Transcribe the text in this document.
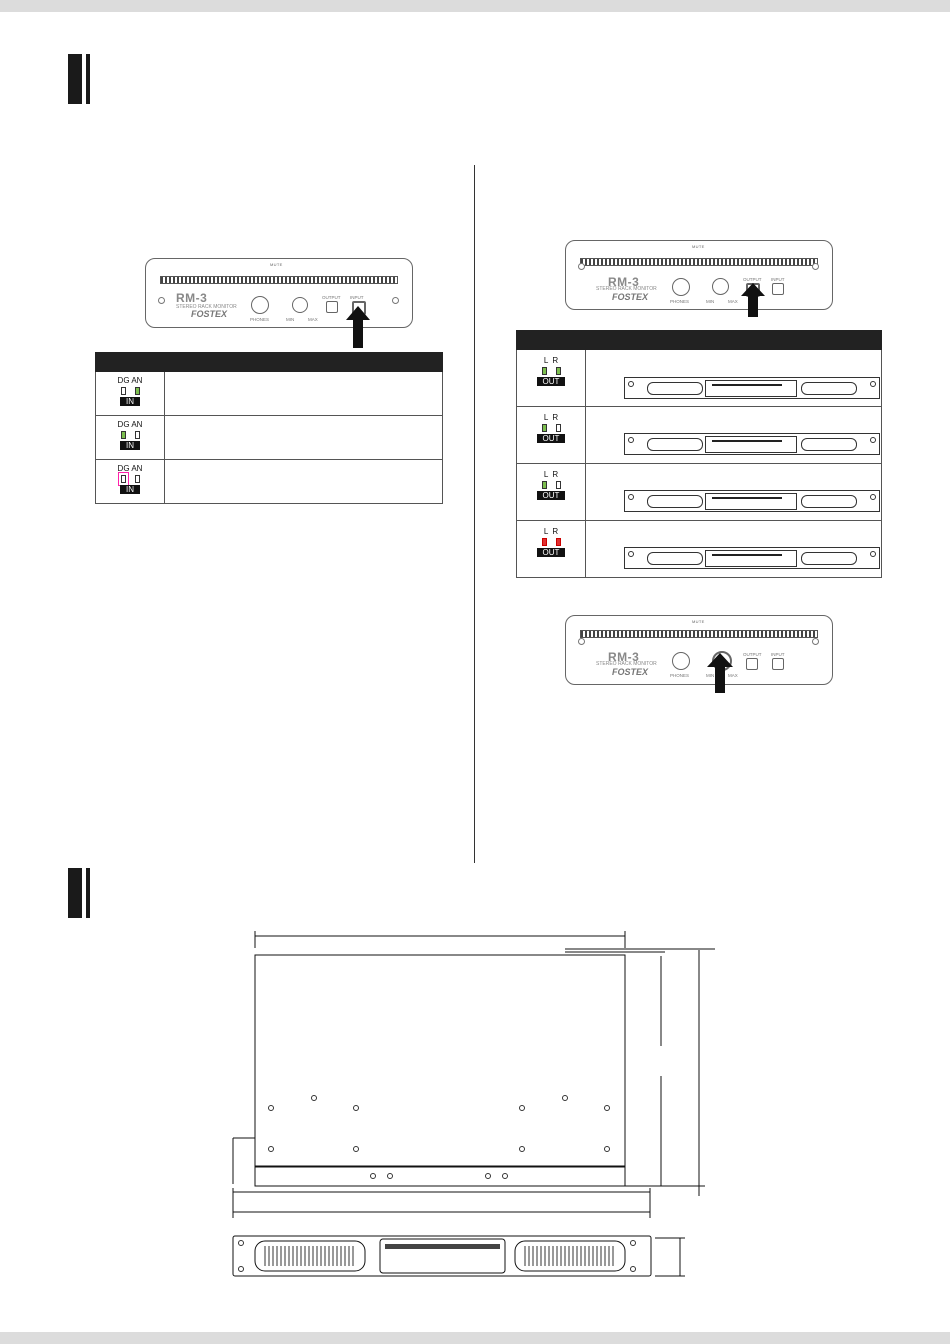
MUTE
RM-3
STEREO RACK MONITOR
FOSTEX
PHONES	MIN	MAX
OUTPUT INPUT

DG AN
IN	

DG AN
IN	

DG AN
IN	
MUTE
RM-3
STEREO RACK MONITOR
FOSTEX	PHONES	MIN	MAX
OUTPUT INPUT

L  R
OUT	

L  R
OUT	

L  R
OUT	

L  R
OUT	
MUTE
RM-3
STEREO RACK MONITOR
FOSTEX	PHONES	MIN	MAX
OUTPUT INPUT
